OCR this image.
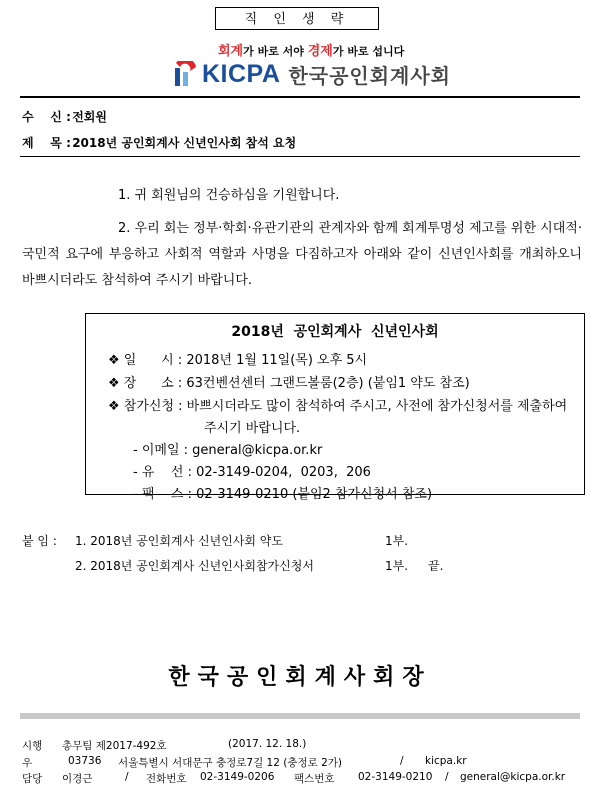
직 인 생 략
회계가 바로 서야 경제가 바로 섭니다
KICPA 한국공인회계사회
수    신 : 전회원
제    목 : 2018년 공인회계사 신년인사회 참석 요청
1. 귀 회원님의 건승하심을 기원합니다.
2. 우리 회는 정부·학회·유관기관의 관계자와 함께 회계투명성 제고를 위한 시대적·국민적 요구에 부응하고 사회적 역할과 사명을 다짐하고자 아래와 같이 신년인사회를 개최하오니 바쁘시더라도 참석하여 주시기 바랍니다.
2018년  공인회계사  신년인사회
❖ 일      시 : 2018년 1월 11일(목) 오후 5시
❖ 장      소 : 63컨벤션센터 그랜드볼룸(2층) (붙임1 약도 참조)
❖ 참가신청 : 바쁘시더라도 많이 참석하여 주시고, 사전에 참가신청서를 제출하여
주시기 바랍니다.
- 이메일 : general@kicpa.or.kr
- 유    선 : 02-3149-0204,  0203,  206
- 팩    스 : 02-3149-0210 (붙임2 참가신청서 참조)
붙 임 : 1. 2018년 공인회계사 신년인사회 약도	1부.
2. 2018년 공인회계사 신년인사회참가신청서	1부. 끝.
한국공인회계사회장
시행 총무팀 제2017-492호	(2017. 12. 18.)
우	03736 서울특별시 서대문구 충정로7길 12 (충정로 2가)	/ kicpa.kr
담당 이경근	/ 전화번호 02-3149-0206 팩스번호 02-3149-0210 / general@kicpa.or.kr
